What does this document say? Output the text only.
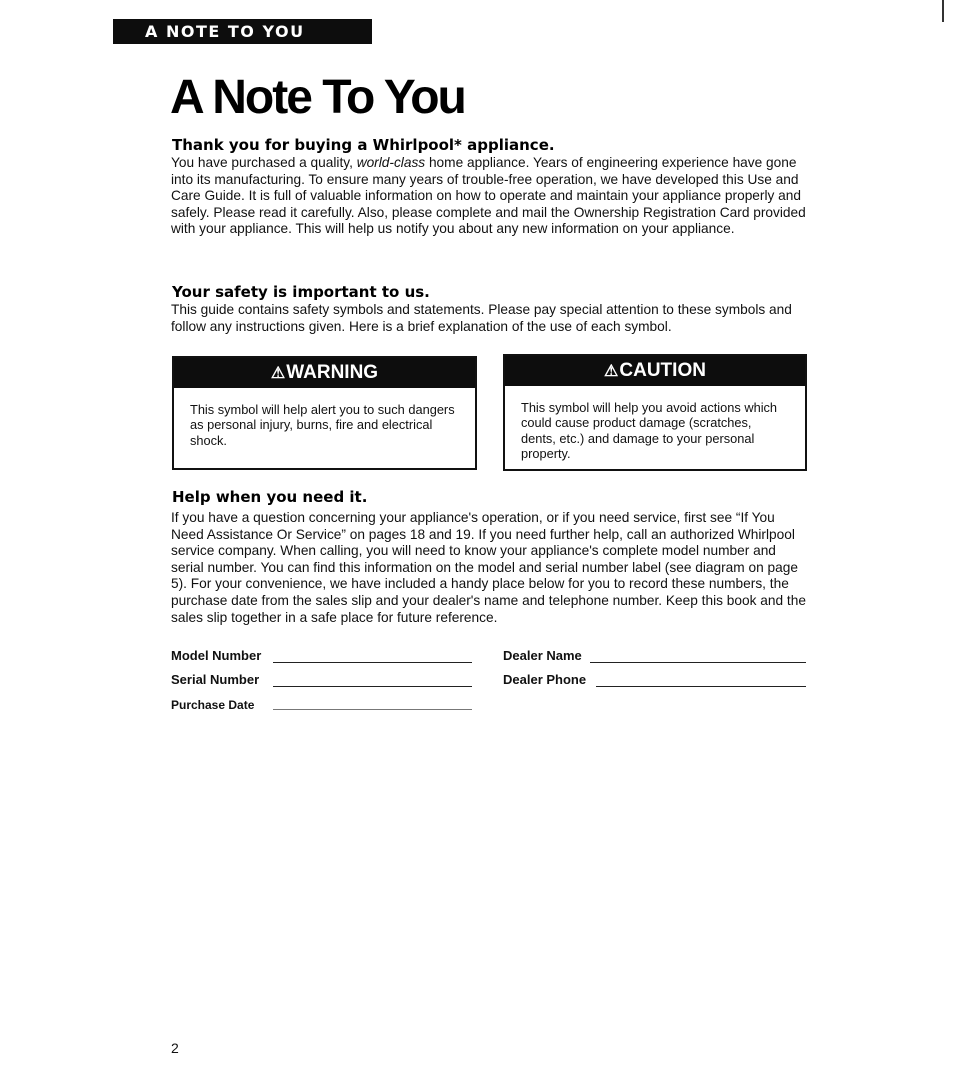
A NOTE TO YOU
A Note To You
Thank you for buying a Whirlpool* appliance.

You have purchased a quality, world-class home appliance. Years of engineering experience have gone into its manufacturing. To ensure many years of trouble-free operation, we have developed this Use and Care Guide. It is full of valuable information on how to operate and maintain your appliance properly and safely. Please read it carefully. Also, please complete and mail the Ownership Registration Card provided with your appliance. This will help us notify you about any new information on your appliance.

Your safety is important to us.

This guide contains safety symbols and statements. Please pay special attention to these symbols and follow any instructions given. Here is a brief explanation of the use of each symbol.

⚠WARNING

This symbol will help alert you to such dangers as personal injury, burns, fire and electrical shock.

⚠CAUTION

This symbol will help you avoid actions which could cause product damage (scratches, dents, etc.) and damage to your personal property.

Help when you need it.

If you have a question concerning your appliance's operation, or if you need service, first see “If You Need Assistance Or Service” on pages 18 and 19. If you need further help, call an authorized Whirlpool service company. When calling, you will need to know your appliance's complete model number and serial number. You can find this information on the model and serial number label (see diagram on page 5). For your convenience, we have included a handy place below for you to record these numbers, the purchase date from the sales slip and your dealer's name and telephone number. Keep this book and the sales slip together in a safe place for future reference.

Model Number
Serial Number
Purchase Date
Dealer Name
Dealer Phone
2
